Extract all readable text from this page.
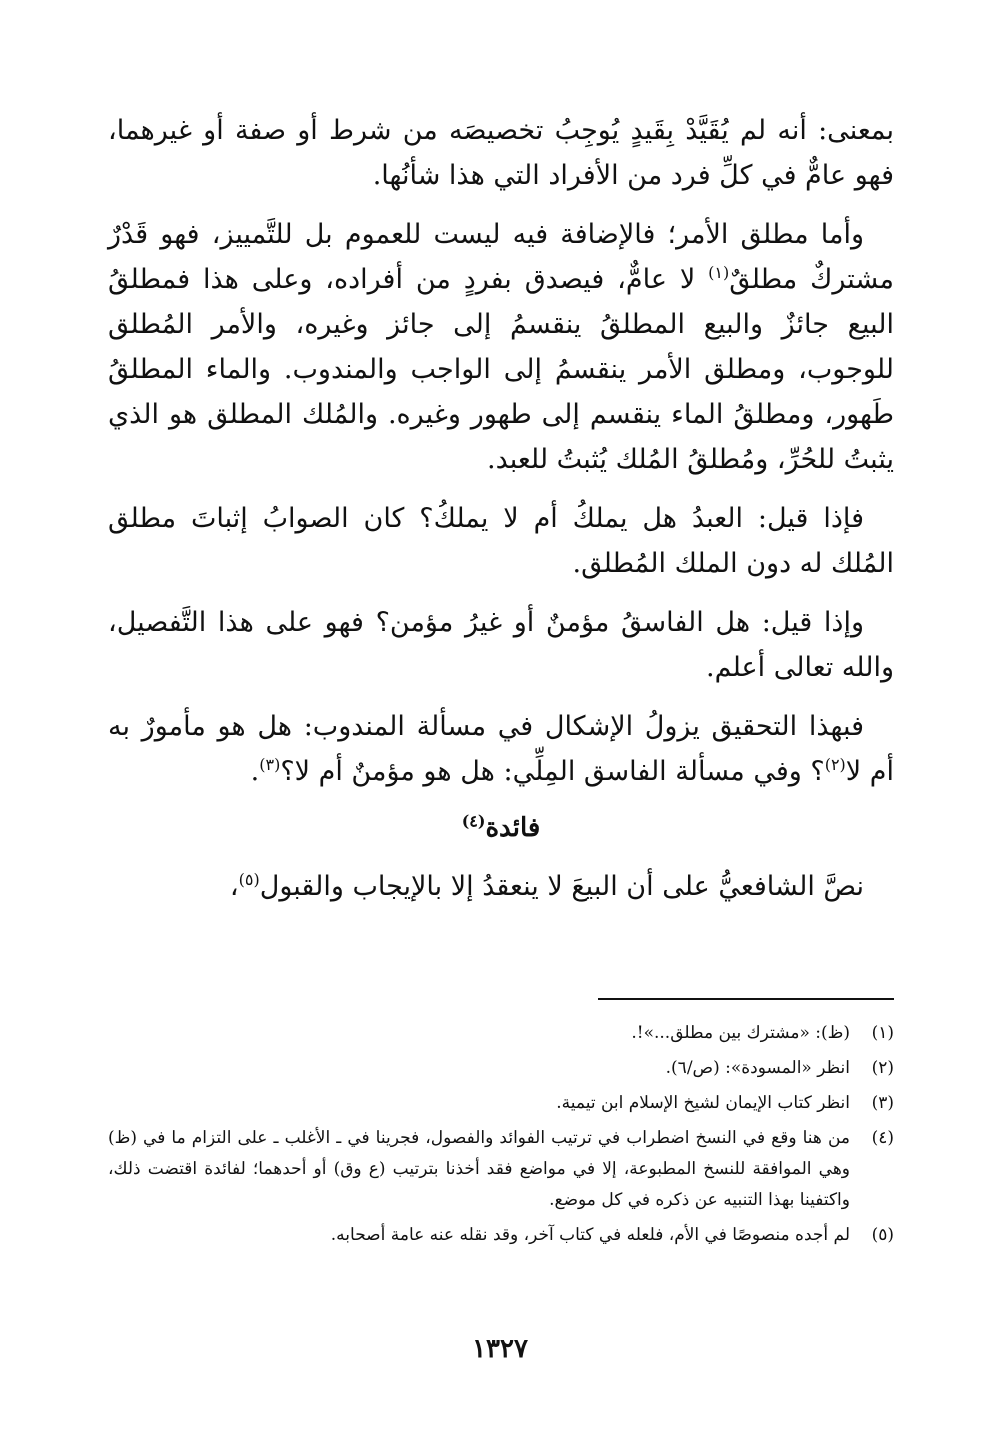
بمعنى: أنه لم يُقَيَّدْ بِقَيدٍ يُوجِبُ تخصيصَه من شرط أو صفة أو غيرهما، فهو عامٌّ في كلِّ فرد من الأفراد التي هذا شأنُها.

وأما مطلق الأمر؛ فالإضافة فيه ليست للعموم بل للتَّمييز، فهو قَدْرٌ مشتركٌ مطلقٌ$^{(١)}$ لا عامٌّ، فيصدق بفردٍ من أفراده، وعلى هذا فمطلقُ البيع جائزٌ والبيع المطلقُ ينقسمُ إلى جائز وغيره، والأمر المُطلق للوجوب، ومطلق الأمر ينقسمُ إلى الواجب والمندوب. والماء المطلقُ طَهور، ومطلقُ الماء ينقسم إلى طهور وغيره. والمُلك المطلق هو الذي يثبتُ للحُرِّ، ومُطلقُ المُلك يُثبتُ للعبد.

فإذا قيل: العبدُ هل يملكُ أم لا يملكُ؟ كان الصوابُ إثباتَ مطلق المُلك له دون الملك المُطلق.

وإذا قيل: هل الفاسقُ مؤمنٌ أو غيرُ مؤمن؟ فهو على هذا التَّفصيل، والله تعالى أعلم.

فبهذا التحقيق يزولُ الإشكال في مسألة المندوب: هل هو مأمورٌ به أم لا$^{(٢)}$؟ وفي مسألة الفاسق المِلِّي: هل هو مؤمنٌ أم لا؟$^{(٣)}$.

فائدة$^{(٤)}$

نصَّ الشافعيُّ على أن البيعَ لا ينعقدُ إلا بالإيجاب والقبول$^{(٥)}$،

(١)
(ظ): «مشترك بين مطلق...»!.
(٢)
انظر «المسودة»: (ص/٦).
(٣)
انظر كتاب الإيمان لشيخ الإسلام ابن تيمية.
(٤)
من هنا وقع في النسخ اضطراب في ترتيب الفوائد والفصول، فجرينا في ـ الأغلب ـ على التزام ما في (ظ) وهي الموافقة للنسخ المطبوعة، إلا في مواضع فقد أخذنا بترتيب (ع وق) أو أحدهما؛ لفائدة اقتضت ذلك، واكتفينا بهذا التنبيه عن ذكره في كل موضع.
(٥)
لم أجده منصوصًا في الأم، فلعله في كتاب آخر، وقد نقله عنه عامة أصحابه.
١٣٢٧
